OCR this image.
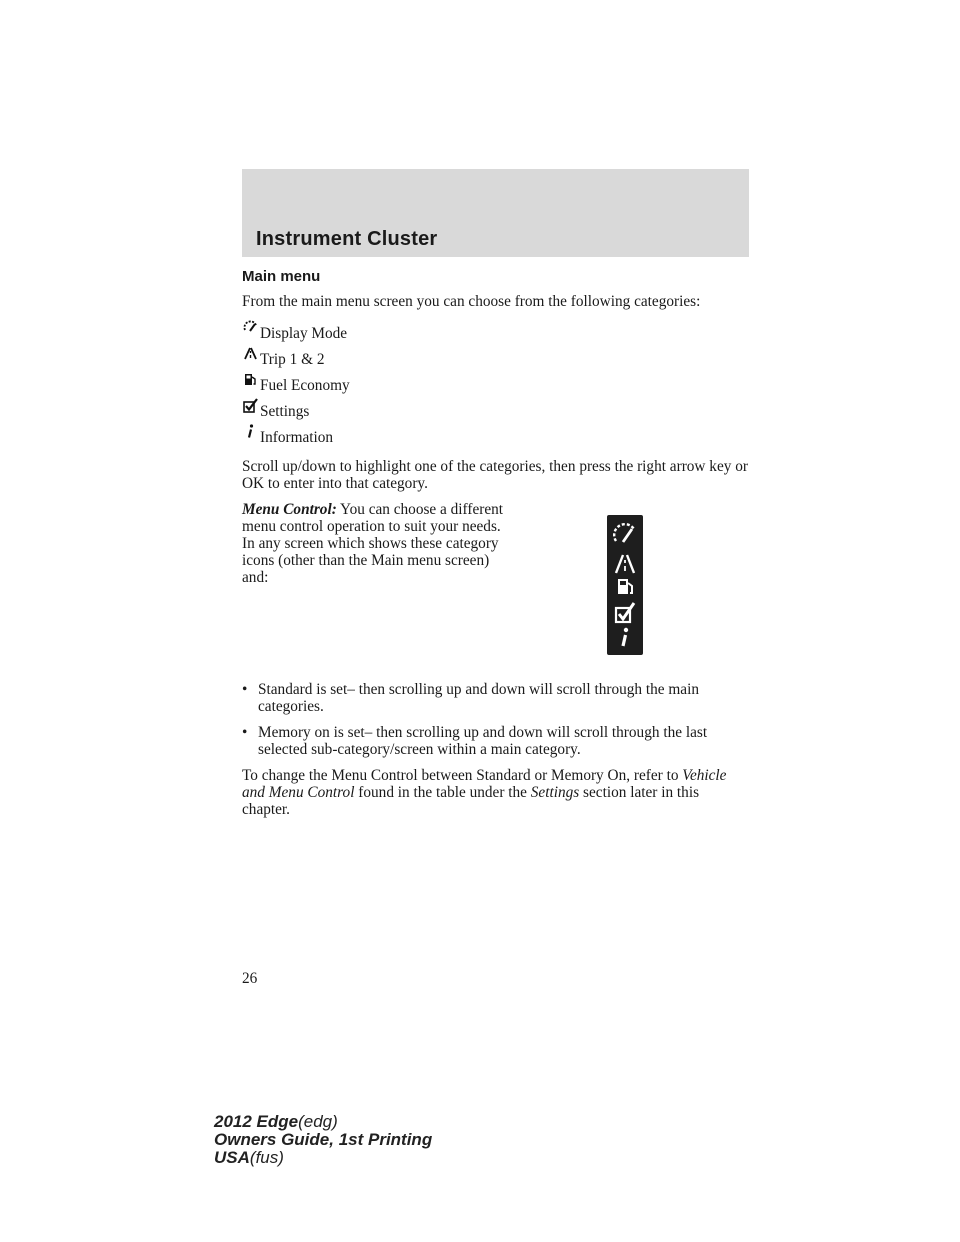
Instrument Cluster
Main menu

From the main menu screen you can choose from the following categories:

Display Mode
Trip 1 & 2
Fuel Economy
Settings
Information

Scroll up/down to highlight one of the categories, then press the right arrow key or OK to enter into that category.

Menu Control: You can choose a different menu control operation to suit your needs. In any screen which shows these category icons (other than the Main menu screen) and:

• Standard is set– then scrolling up and down will scroll through the main categories.
• Memory on is set– then scrolling up and down will scroll through the last selected sub-category/screen within a main category.

To change the Menu Control between Standard or Memory On, refer to Vehicle and Menu Control found in the table under the Settings section later in this chapter.

26
2012 Edge(edg)
Owners Guide, 1st Printing
USA(fus)
